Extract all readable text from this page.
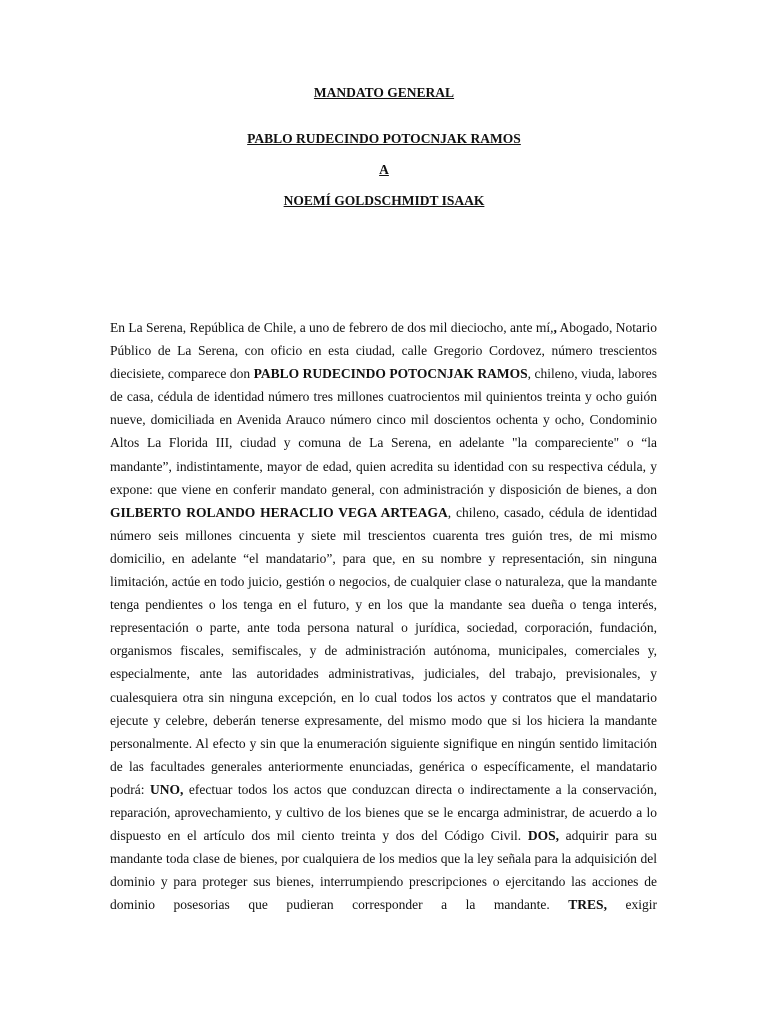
MANDATO GENERAL
PABLO RUDECINDO POTOCNJAK RAMOS
A
NOEMÍ GOLDSCHMIDT ISAAK
En La Serena, República de Chile, a uno de febrero de dos mil dieciocho, ante mí,, Abogado, Notario Público de La Serena, con oficio en esta ciudad, calle Gregorio Cordovez, número trescientos diecisiete, comparece don PABLO RUDECINDO POTOCNJAK RAMOS, chileno, viuda, labores de casa, cédula de identidad número tres millones cuatrocientos mil quinientos treinta y ocho guión nueve, domiciliada en Avenida Arauco número cinco mil doscientos ochenta y ocho, Condominio Altos La Florida III, ciudad y comuna de La Serena, en adelante "la compareciente" o “la mandante”, indistintamente, mayor de edad, quien acredita su identidad con su respectiva cédula, y expone: que viene en conferir mandato general, con administración y disposición de bienes, a don GILBERTO ROLANDO HERACLIO VEGA ARTEAGA, chileno, casado, cédula de identidad número seis millones cincuenta y siete mil trescientos cuarenta tres guión tres, de mi mismo domicilio, en adelante “el mandatario”, para que, en su nombre y representación, sin ninguna limitación, actúe en todo juicio, gestión o negocios, de cualquier clase o naturaleza, que la mandante tenga pendientes o los tenga en el futuro, y en los que la mandante sea dueña o tenga interés, representación o parte, ante toda persona natural o jurídica, sociedad, corporación, fundación, organismos fiscales, semifiscales, y de administración autónoma, municipales, comerciales y, especialmente, ante las autoridades administrativas, judiciales, del trabajo, previsionales, y cualesquiera otra sin ninguna excepción, en lo cual todos los actos y contratos que el mandatario ejecute y celebre, deberán tenerse expresamente, del mismo modo que si los hiciera la mandante personalmente. Al efecto y sin que la enumeración siguiente signifique en ningún sentido limitación de las facultades generales anteriormente enunciadas, genérica o específicamente, el mandatario podrá: UNO, efectuar todos los actos que conduzcan directa o indirectamente a la conservación, reparación, aprovechamiento, y cultivo de los bienes que se le encarga administrar, de acuerdo a lo dispuesto en el artículo dos mil ciento treinta y dos del Código Civil. DOS, adquirir para su mandante toda clase de bienes, por cualquiera de los medios que la ley señala para la adquisición del dominio y para proteger sus bienes, interrumpiendo prescripciones o ejercitando las acciones de dominio posesorias que pudieran corresponder a la mandante. TRES, exigir
